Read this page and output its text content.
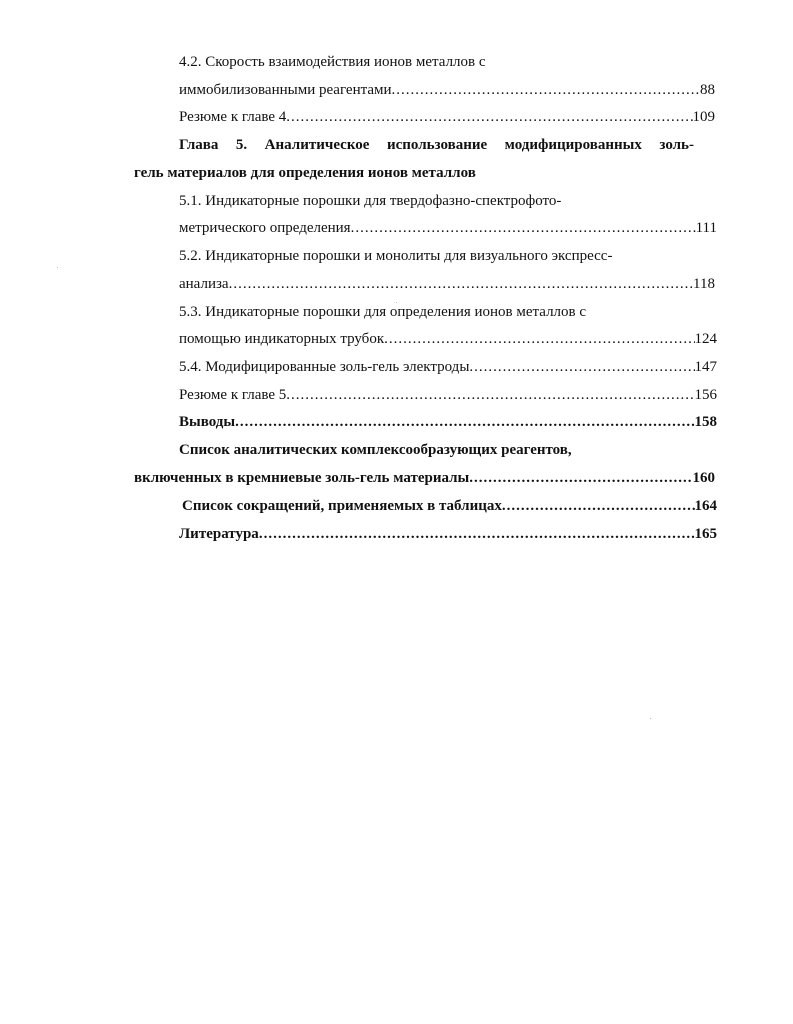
4.2. Скорость взаимодействия ионов металлов с
иммобилизованными реагентами .....	88
Резюме к главе 4 .....	109
Глава 5. Аналитическое использование модифицированных золь-
гель материалов для определения ионов металлов
5.1. Индикаторные порошки для твердофазно-спектрофото-
метрического определения .....	111
5.2. Индикаторные порошки и монолиты для визуального экспресс-
анализа .....	118
5.3. Индикаторные порошки для определения ионов металлов с
помощью индикаторных трубок .....	124
5.4. Модифицированные золь-гель электроды .....	147
Резюме к главе 5 .....	156
Выводы .....	158
Список аналитических комплексообразующих реагентов,
включенных в кремниевые золь-гель материалы .....	160
Список сокращений, применяемых в таблицах .....	164
Литература .....	165
